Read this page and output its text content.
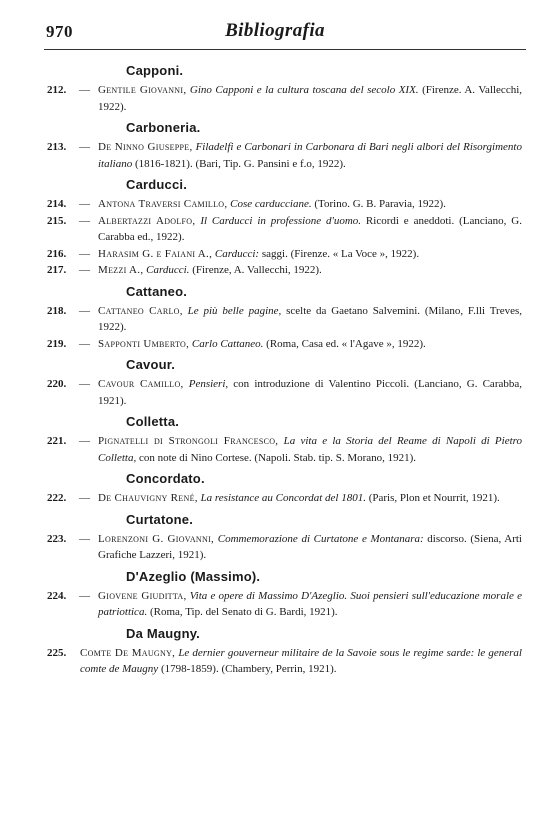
970	Bibliografia
Capponi.
212. — Gentile Giovanni, Gino Capponi e la cultura toscana del secolo XIX. (Firenze. A. Vallecchi, 1922).
Carboneria.
213. — De Ninno Giuseppe, Filadelfi e Carbonari in Carbonara di Bari negli albori del Risorgimento italiano (1816-1821). (Bari, Tip. G. Pansini e f.o, 1922).
Carducci.
214. — Antona Traversi Camillo, Cose carducciane. (Torino. G. B. Paravia, 1922).
215. — Albertazzi Adolfo, Il Carducci in professione d'uomo. Ricordi e aneddoti. (Lanciano, G. Carabba ed., 1922).
216. — Harasim G. e Faiani A., Carducci: saggi. (Firenze. « La Voce », 1922).
217. — Mezzi A., Carducci. (Firenze, A. Vallecchi, 1922).
Cattaneo.
218. — Cattaneo Carlo, Le più belle pagine, scelte da Gaetano Salvemini. (Milano, F.lli Treves, 1922).
219. — Sapponti Umberto, Carlo Cattaneo. (Roma, Casa ed. « l'Agave », 1922).
Cavour.
220. — Cavour Camillo, Pensieri, con introduzione di Valentino Piccoli. (Lanciano, G. Carabba, 1921).
Colletta.
221. — Pignatelli di Strongoli Francesco, La vita e la Storia del Reame di Napoli di Pietro Colletta, con note di Nino Cortese. (Napoli. Stab. tip. S. Morano, 1921).
Concordato.
222. — De Chauvigny René, La resistance au Concordat del 1801. (Paris, Plon et Nourrit, 1921).
Curtatone.
223. — Lorenzoni G. Giovanni, Commemorazione di Curtatone e Montanara: discorso. (Siena, Arti Grafiche Lazzeri, 1921).
D'Azeglio (Massimo).
224. — Giovene Giuditta, Vita e opere di Massimo D'Azeglio. Suoi pensieri sull'educazione morale e patriottica. (Roma, Tip. del Senato di G. Bardi, 1921).
Da Maugny.
225. Comte De Maugny, Le dernier gouverneur militaire de la Savoie sous le regime sarde: le general comte de Maugny (1798-1859). (Chambery, Perrin, 1921).
